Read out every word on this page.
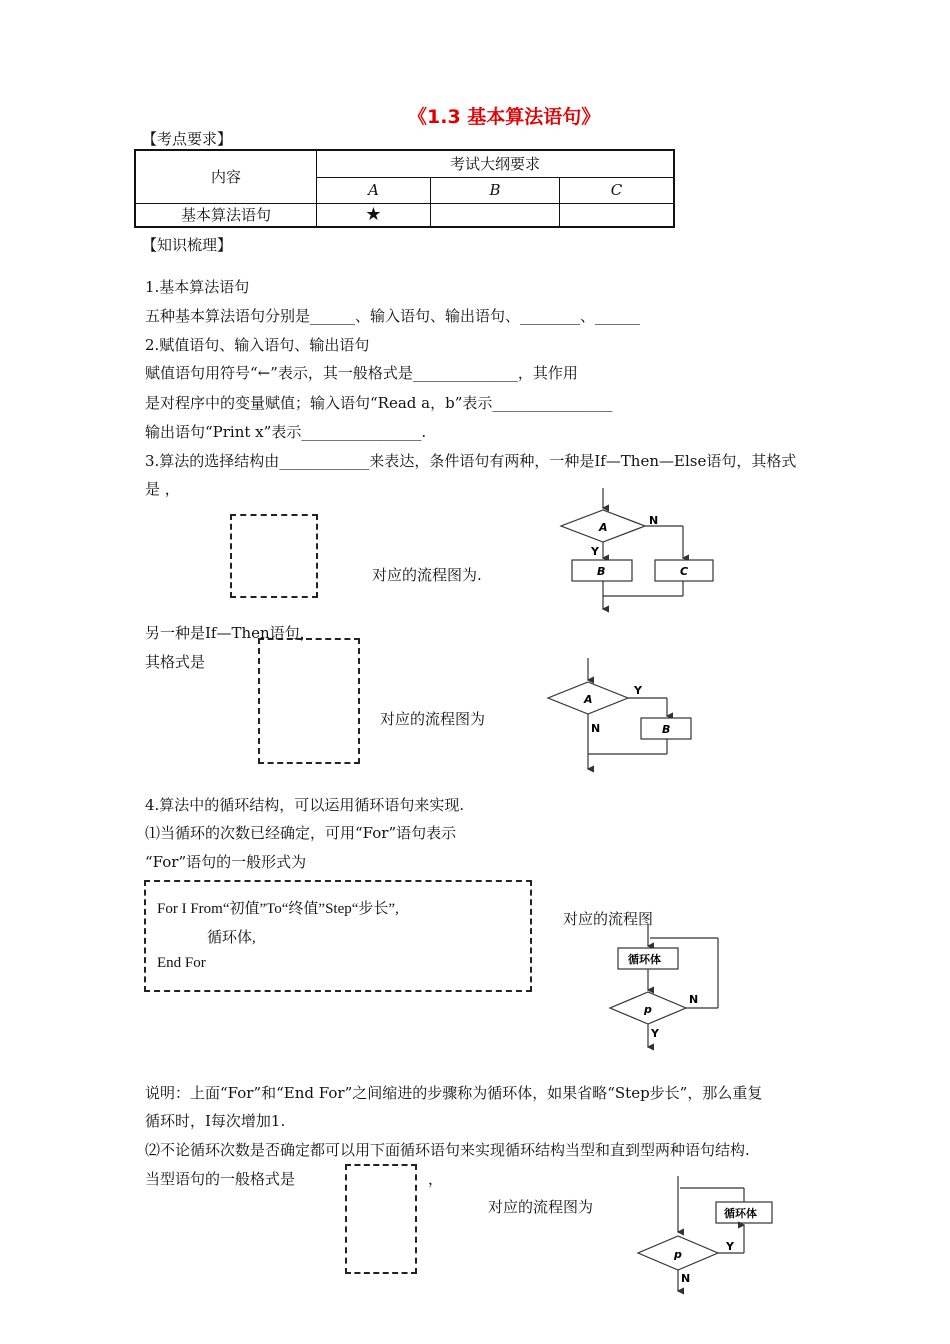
《1.3 基本算法语句》
【考点要求】
内容	考试大纲要求		
	A	B	C
基本算法语句	★		
【知识梳理】
1.基本算法语句
五种基本算法语句分别是______、输入语句、输出语句、________、______
2.赋值语句、输入语句、输出语句
赋值语句用符号“←”表示，其一般格式是______________，其作用
是对程序中的变量赋值；输入语句“Read a，b”表示________________
输出语句“Print x”表示________________.
3.算法的选择结构由____________来表达，条件语句有两种，一种是If—Then—Else语句，其格式
是 ，
对应的流程图为.
A
N
Y
B	C
另一种是If—Then语句，
其格式是
对应的流程图为
A
Y
B
N
4.算法中的循环结构，可以运用循环语句来实现.
⑴当循环的次数已经确定，可用“For”语句表示
“For”语句的一般形式为
For I From“初值”To“终值”Step“步长”,
循环体,
End For
对应的流程图
循环体
p
N
Y
说明：上面“For”和“End For”之间缩进的步骤称为循环体，如果省略“Step步长”，那么重复
循环时，I每次增加1.
⑵不论循环次数是否确定都可以用下面循环语句来实现循环结构当型和直到型两种语句结构.
当型语句的一般格式是	，
对应的流程图为	循环体
p
Y
N
